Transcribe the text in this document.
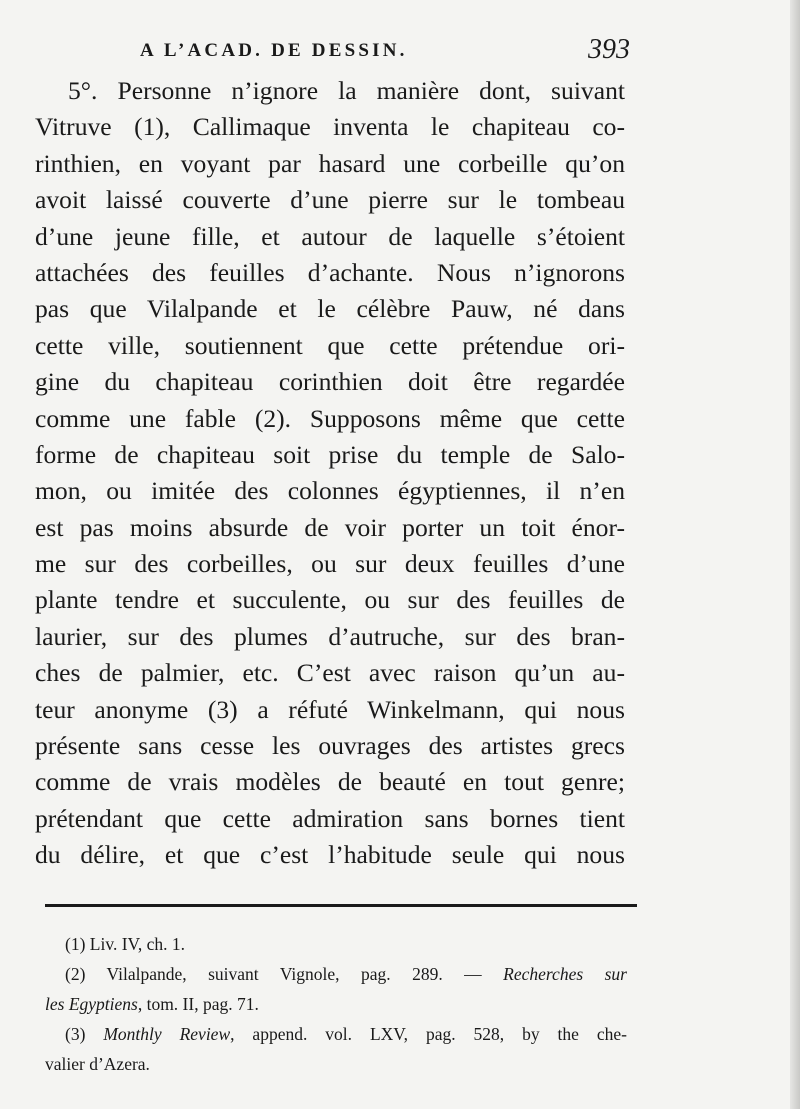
A L’ACAD. DE DESSIN.	393
5°. Personne n’ignore la manière dont, suivant
Vitruve (1), Callimaque inventa le chapiteau co-
rinthien, en voyant par hasard une corbeille qu’on
avoit laissé couverte d’une pierre sur le tombeau
d’une jeune fille, et autour de laquelle s’étoient
attachées des feuilles d’achante. Nous n’ignorons
pas que Vilalpande et le célèbre Pauw, né dans
cette ville, soutiennent que cette prétendue ori-
gine du chapiteau corinthien doit être regardée
comme une fable (2). Supposons même que cette
forme de chapiteau soit prise du temple de Salo-
mon, ou imitée des colonnes égyptiennes, il n’en
est pas moins absurde de voir porter un toit énor-
me sur des corbeilles, ou sur deux feuilles d’une
plante tendre et succulente, ou sur des feuilles de
laurier, sur des plumes d’autruche, sur des bran-
ches de palmier, etc. C’est avec raison qu’un au-
teur anonyme (3) a réfuté Winkelmann, qui nous
présente sans cesse les ouvrages des artistes grecs
comme de vrais modèles de beauté en tout genre;
prétendant que cette admiration sans bornes tient
du délire, et que c’est l’habitude seule qui nous
(1) Liv. IV, ch. 1.
(2) Vilalpande, suivant Vignole, pag. 289. — Recherches sur
les Egyptiens, tom. II, pag. 71.
(3) Monthly Review, append. vol. LXV, pag. 528, by the che-
valier d’Azera.
